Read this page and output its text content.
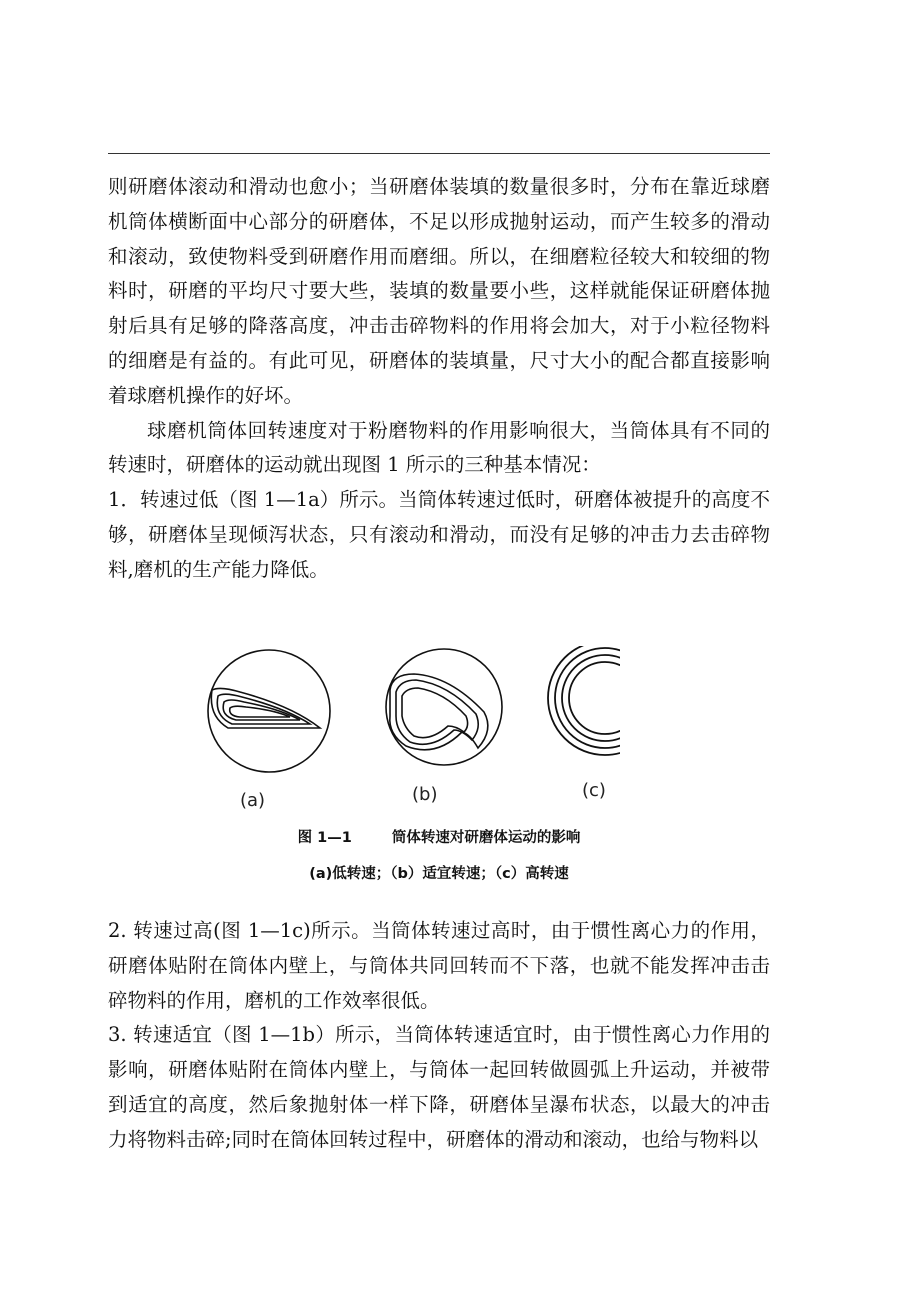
则研磨体滚动和滑动也愈小；当研磨体装填的数量很多时，分布在靠近球磨机筒体横断面中心部分的研磨体，不足以形成抛射运动，而产生较多的滑动和滚动，致使物料受到研磨作用而磨细。所以，在细磨粒径较大和较细的物料时，研磨的平均尺寸要大些，装填的数量要小些，这样就能保证研磨体抛射后具有足够的降落高度，冲击击碎物料的作用将会加大，对于小粒径物料的细磨是有益的。有此可见，研磨体的装填量，尺寸大小的配合都直接影响着球磨机操作的好坏。

球磨机筒体回转速度对于粉磨物料的作用影响很大，当筒体具有不同的转速时，研磨体的运动就出现图 1 所示的三种基本情况：

1．转速过低（图 1—1a）所示。当筒体转速过低时，研磨体被提升的高度不够，研磨体呈现倾泻状态，只有滚动和滑动，而没有足够的冲击力去击碎物料,磨机的生产能力降低。

(a)	(b)	(c)
图 1—1	筒体转速对研磨体运动的影响
(a)低转速；（b）适宜转速；（c）高转速

2. 转速过高(图 1—1c)所示。当筒体转速过高时，由于惯性离心力的作用，研磨体贴附在筒体内壁上，与筒体共同回转而不下落，也就不能发挥冲击击碎物料的作用，磨机的工作效率很低。

3. 转速适宜（图 1—1b）所示，当筒体转速适宜时，由于惯性离心力作用的影响，研磨体贴附在筒体内壁上，与筒体一起回转做圆弧上升运动，并被带到适宜的高度，然后象抛射体一样下降，研磨体呈瀑布状态，以最大的冲击力将物料击碎;同时在筒体回转过程中，研磨体的滑动和滚动，也给与物料以
